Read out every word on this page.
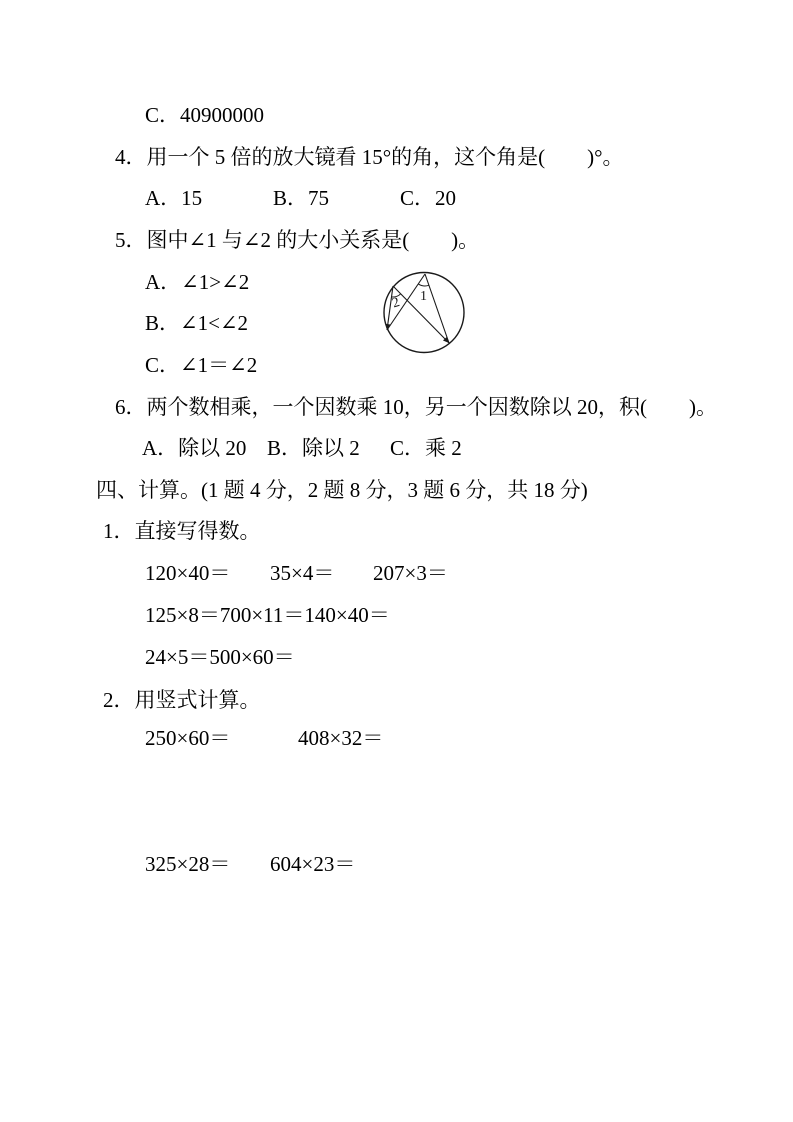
C．40900000
4．用一个 5 倍的放大镜看 15°的角，这个角是(　　)°。
A．15	B．75	C．20
5．图中∠1 与∠2 的大小关系是(　　)。
A．∠1>∠2
B．∠1<∠2
C．∠1＝∠2
1
2
6．两个数相乘，一个因数乘 10，另一个因数除以 20，积(　　)。
A．除以 20 B．除以 2 C．乘 2
四、计算。(1 题 4 分，2 题 8 分，3 题 6 分，共 18 分)
1．直接写得数。
120×40＝ 35×4＝ 207×3＝
125×8＝700×11＝140×40＝
24×5＝500×60＝
2．用竖式计算。
250×60＝	408×32＝
325×28＝ 604×23＝
